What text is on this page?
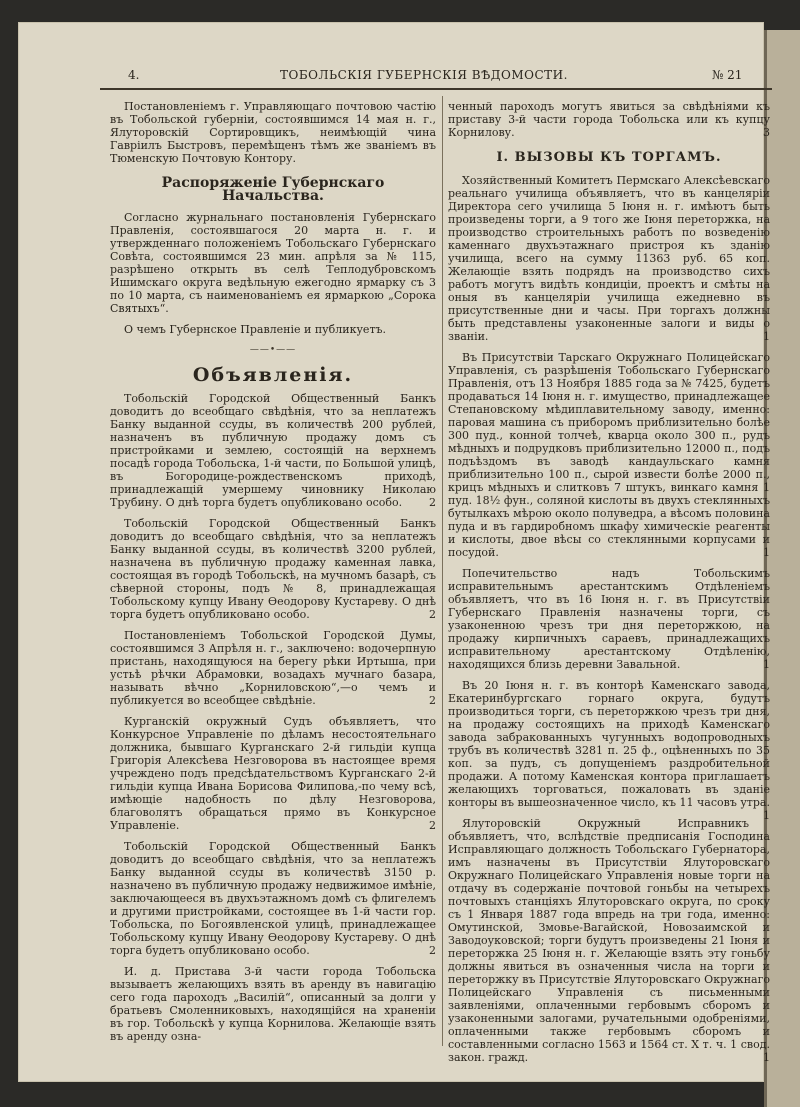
4.	ТОБОЛЬСКІЯ ГУБЕРНСКІЯ ВѢДОМОСТИ.	№ 21

Постановленіемъ г. Управляющаго почтовою частію въ Тобольской губерніи, состоявшимся 14 мая н. г., Ялуторовскій Сортировщикъ, неимѣющій чина Гавріилъ Быстровъ, перемѣщенъ тѣмъ же званіемъ въ Тюменскую Почтовую Контору.

Распоряженіе Губернскаго Начальства.

Согласно журнальнаго постановленія Губернскаго Правленія, состоявшагося 20 марта н. г. и утвержденнаго положеніемъ Тобольскаго Губернскаго Совѣта, состоявшимся 23 мин. апрѣля за № 115, разрѣшено открыть въ селѣ Теплодубровскомъ Ишимскаго округа ведѣльную ежегодно ярмарку съ 3 по 10 марта, съ наименованіемъ ея ярмаркою „Сорока Святыхъ“.

О чемъ Губернское Правленіе и публикуетъ.

——•——
Объявленія.

Тобольскій Городской Общественный Банкъ доводитъ до всеобщаго свѣдѣнія, что за неплатежъ Банку выданной ссуды, въ количествѣ 200 рублей, назначенъ въ публичную продажу домъ съ пристройками и землею, состоящій на верхнемъ посадѣ города Тобольска, 1-й части, по Большой улицѣ, въ Богородице-рождественскомъ приходѣ, принадлежащій умершему чиновнику Николаю Трубину. О днѣ торга будетъ опубликовано особо.	2

Тобольскій Городской Общественный Банкъ доводитъ до всеобщаго свѣдѣнія, что за неплатежъ Банку выданной ссуды, въ количествѣ 3200 рублей, назначена въ публичную продажу каменная лавка, состоящая въ городѣ Тобольскѣ, на мучномъ базарѣ, съ сѣверной стороны, подъ № 8, принадлежащая Тобольскому купцу Ивану Ѳеодорову Кустареву. О днѣ торга будетъ опубликовано особо.	2

Постановленіемъ Тобольской Городской Думы, состоявшимся 3 Апрѣля н. г., заключено: водочерпную пристань, находящуюся на берегу рѣки Иртыша, при устьѣ рѣчки Абрамовки, возадахъ мучнаго базара, называть вѣчно „Корниловскою“,—о чемъ и публикуется во всеобщее свѣдѣніе.	2

Курганскій окружный Судъ объявляетъ, что Конкурсное Управленіе по дѣламъ несостоятельнаго должника, бывшаго Курганскаго 2-й гильдіи купца Григорія Алексѣева Незговорова въ настоящее время учреждено подъ предсѣдательствомъ Курганскаго 2-й гильдіи купца Ивана Борисова Филипова,-по чему всѣ, имѣющіе надобность по дѣлу Незговорова, благоволятъ обращаться прямо въ Конкурсное Управленіе.	2

Тобольскій Городской Общественный Банкъ доводитъ до всеобщаго свѣдѣнія, что за неплатежъ Банку выданной ссуды въ количествѣ 3150 р. назначено въ публичную продажу недвижимое имѣніе, заключающееся въ двухъэтажномъ домѣ съ флигелемъ и другими пристройками, состоящее въ 1-й части гор. Тобольска, по Богоявленской улицѣ, принадлежащее Тобольскому купцу Ивану Ѳеодорову Кустареву. О днѣ торга будетъ опубликовано особо.	2

И. д. Пристава 3-й части города Тобольска вызываетъ желающихъ взять въ аренду въ навигацію сего года пароходъ „Василій“, описанный за долги у братьевъ Смоленниковыхъ, находящійся на храненіи въ гор. Тобольскѣ у купца Корнилова. Желающіе взять въ аренду озна-

ченный пароходъ могутъ явиться за свѣдѣніями къ приставу 3-й части города Тобольска или къ купцу Корнилову.	3

I. ВЫЗОВЫ КЪ ТОРГАМЪ.

Хозяйственный Комитетъ Пермскаго Алексѣевскаго реальнаго училища объявляетъ, что въ канцеляріи Директора сего училища 5 Іюня н. г. имѣютъ быть произведены торги, а 9 того же Іюня переторжка, на производство строительныхъ работъ по возведенію каменнаго двухъэтажнаго пристроя къ зданію училища, всего на сумму 11363 руб. 65 коп. Желающіе взять подрядъ на производство сихъ работъ могутъ видѣть кондиціи, проектъ и смѣты на оныя въ канцеляріи училища ежедневно въ присутственные дни и часы. При торгахъ должны быть представлены узаконенные залоги и виды о званіи.	1

Въ Присутствіи Тарскаго Окружнаго Полицейскаго Управленія, съ разрѣшенія Тобольскаго Губернскаго Правленія, отъ 13 Ноября 1885 года за № 7425, будетъ продаваться 14 Іюня н. г. имущество, принадлежащее Степановскому мѣдиплавительному заводу, именно: паровая машина съ приборомъ приблизительно болѣе 300 пуд., конной толчеѣ, кварца около 300 п., рудъ мѣдныхъ и подрудковъ приблизительно 12000 п., подъ подъѣздомъ въ заводѣ кандаульскаго камня приблизительно 100 п., сырой извести болѣе 2000 п., крицъ мѣдныхъ и слитковъ 7 штукъ, винкаго камня 1 пуд. 18½ фун., соляной кислоты въ двухъ стеклянныхъ бутылкахъ мѣрою около полуведра, а вѣсомъ половина пуда и въ гардиробномъ шкафу химическіе реагенты и кислоты, двое вѣсы со стеклянными корпусами и посудой.	1

Попечительство надъ Тобольскимъ исправительнымъ арестантскимъ Отдѣленіемъ объявляетъ, что въ 16 Іюня н. г. въ Присутствіи Губернскаго Правленія назначены торги, съ узаконенною чрезъ три дня переторжкою, на продажу кирпичныхъ сараевъ, принадлежащихъ исправительному арестантскому Отдѣленію, находящихся близь деревни Завальной.	1

Въ 20 Іюня н. г. въ конторѣ Каменскаго завода, Екатеринбургскаго горнаго округа, будутъ производиться торги, съ переторжкою чрезъ три дня, на продажу состоящихъ на приходѣ Каменскаго завода забракованныхъ чугунныхъ водопроводныхъ трубъ въ количествѣ 3281 п. 25 ф., оцѣненныхъ по 35 коп. за пудъ, съ допущеніемъ раздробительной продажи. А потому Каменская контора приглашаетъ желающихъ торговаться, пожаловать въ зданіе конторы въ вышеозначенное число, къ 11 часовъ утра.
1

Ялуторовскій Окружный Исправникъ объявляетъ, что, вслѣдствіе предписанія Господина Исправляющаго должность Тобольскаго Губернатора, имъ назначены въ Присутствіи Ялуторовскаго Окружнаго Полицейскаго Управленія новые торги на отдачу въ содержаніе почтовой гоньбы на четырехъ почтовыхъ станціяхъ Ялуторовскаго округа, по сроку съ 1 Января 1887 года впредь на три года, именно: Омутинской, Змовье-Вагайской, Новозаимской и Заводоуковской; торги будутъ произведены 21 Іюня и переторжка 25 Іюня н. г. Желающіе взять эту гоньбу должны явиться въ означенныя числа на торги и переторжку въ Присутствіе Ялуторовскаго Окружнаго Полицейскаго Управленія съ письменными заявленіями, оплаченными гербовымъ сборомъ и узаконенными залогами, ручательными одобреніями, оплаченными также гербовымъ сборомъ и составленными согласно 1563 и 1564 ст. Х т. ч. 1 свод. закон. гражд.	1
